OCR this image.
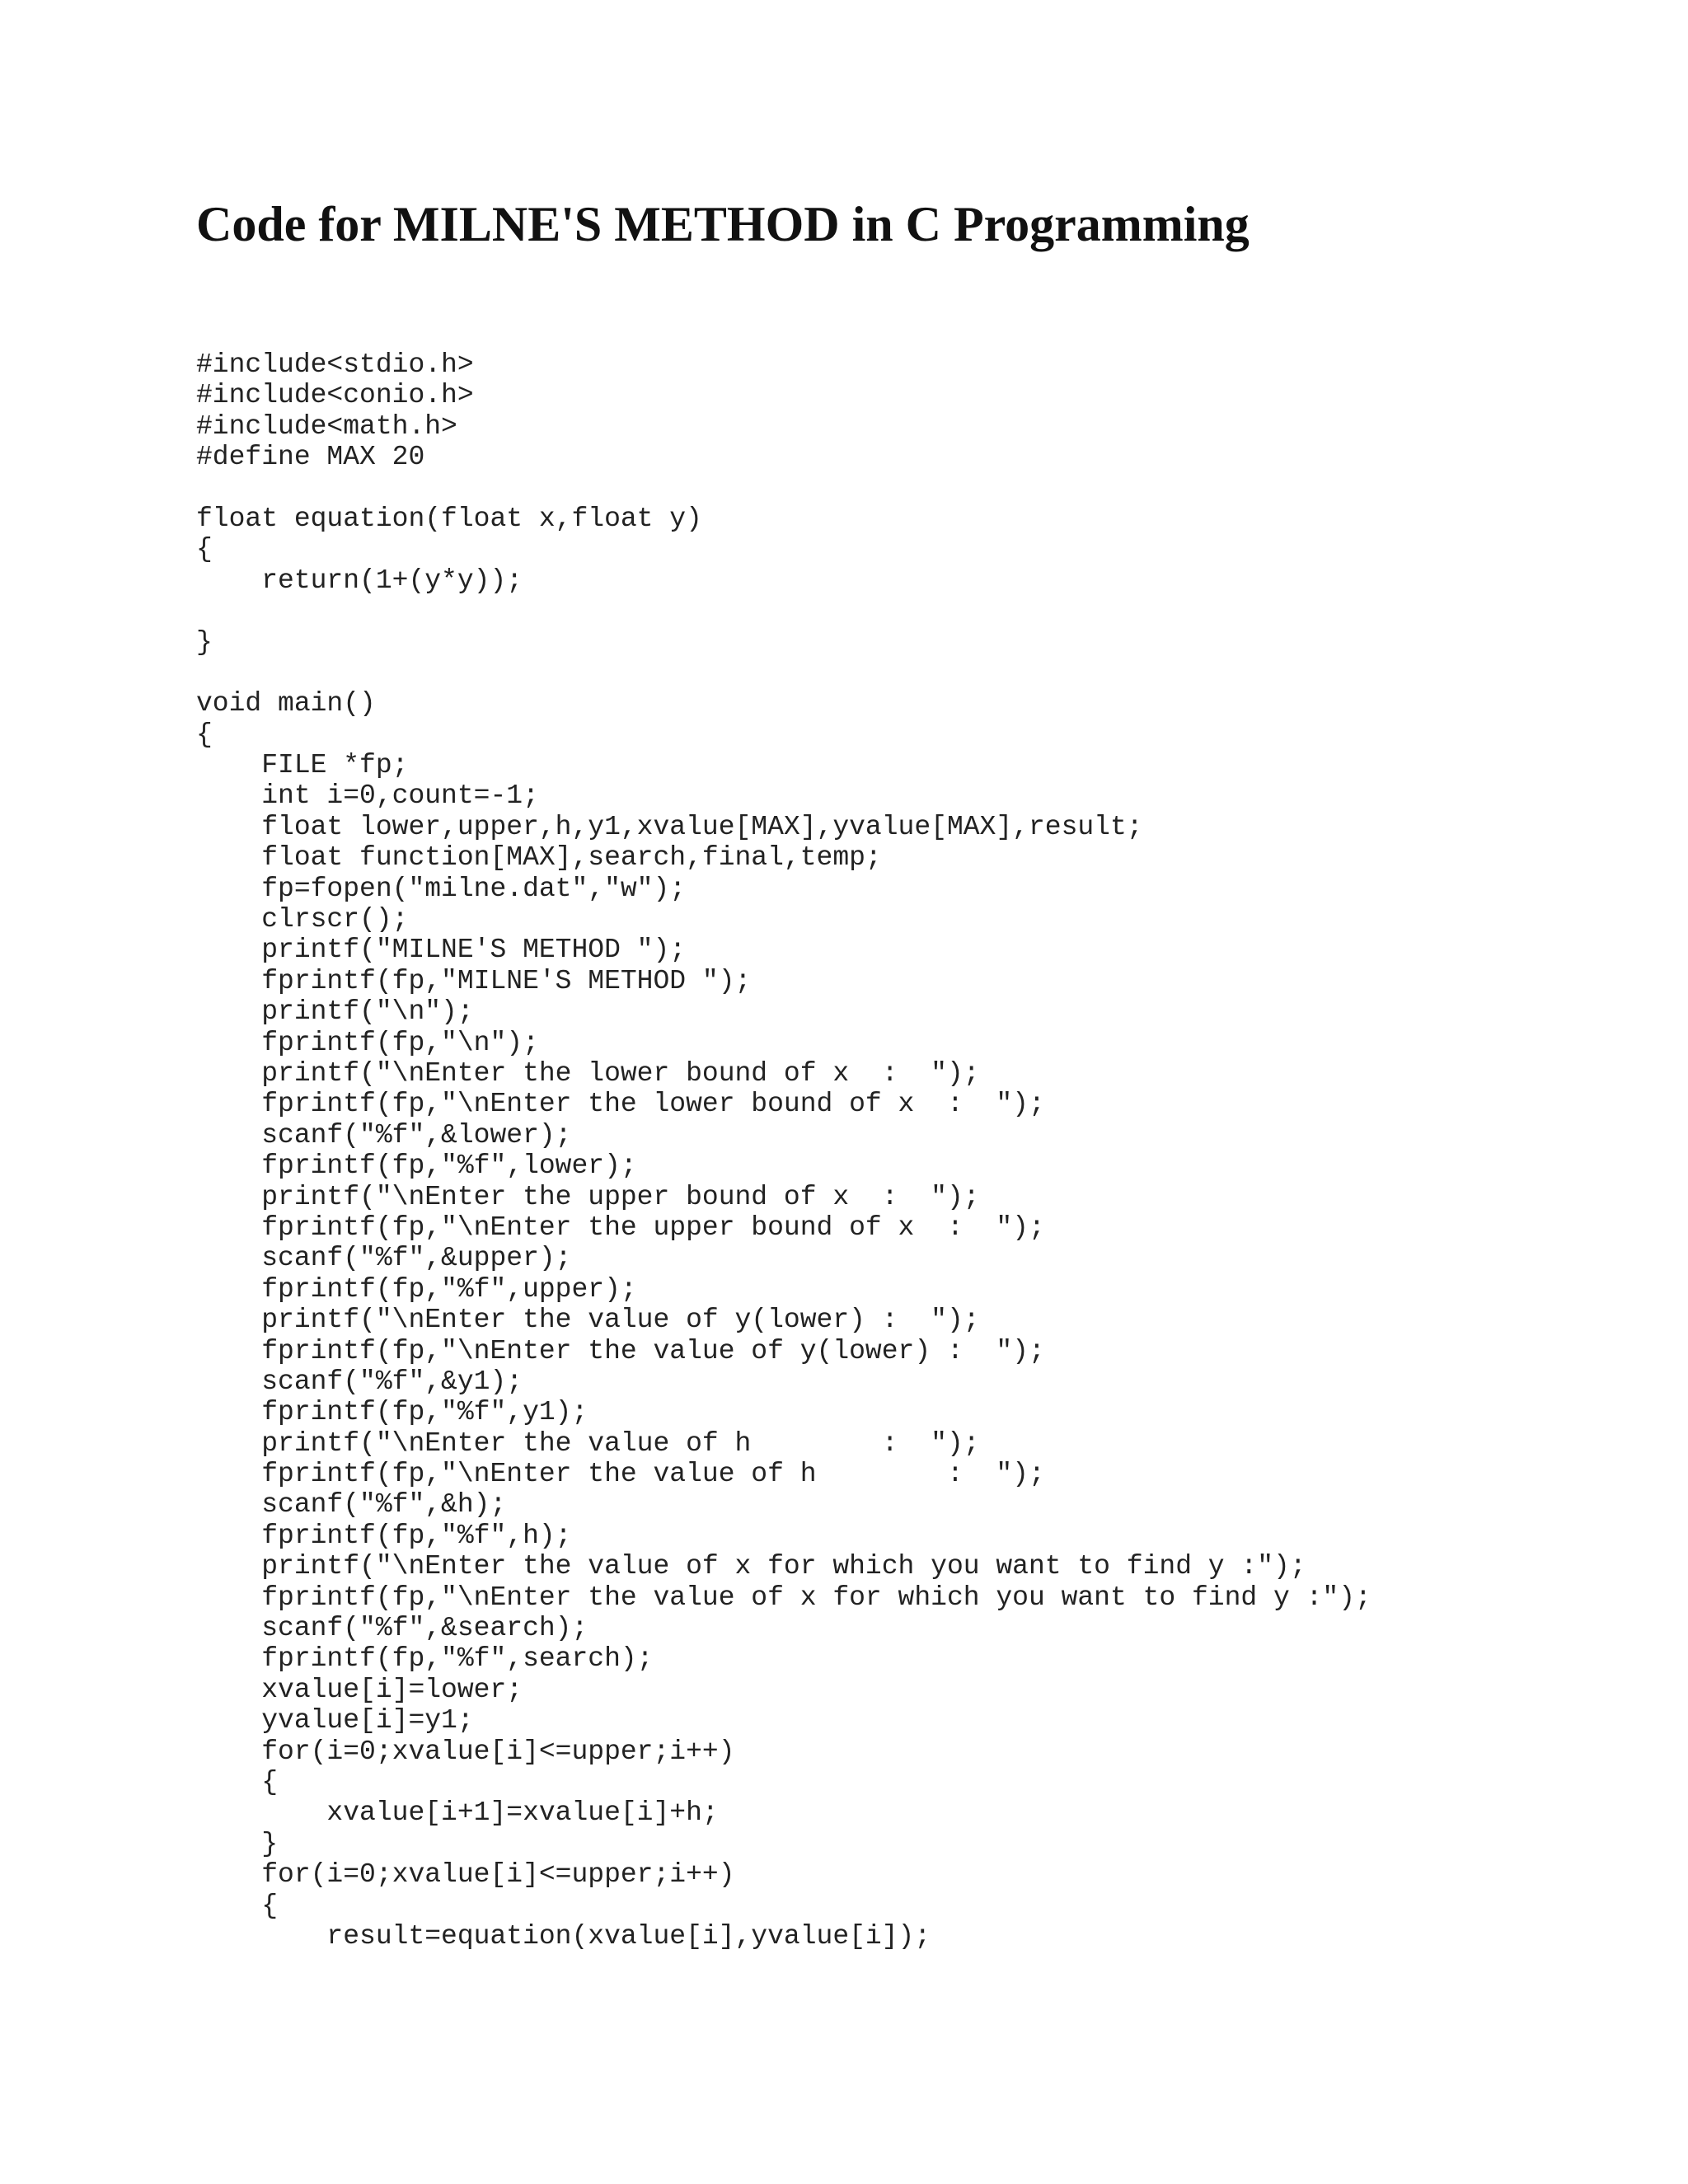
Code for MILNE'S METHOD in C Programming
#include<stdio.h>
#include<conio.h>
#include<math.h>
#define MAX 20
float equation(float x,float y)
{
return(1+(y*y));
}
void main()
{
FILE *fp;
int i=0,count=-1;
float lower,upper,h,y1,xvalue[MAX],yvalue[MAX],result;
float function[MAX],search,final,temp;
fp=fopen("milne.dat","w");
clrscr();
printf("MILNE'S METHOD ");
fprintf(fp,"MILNE'S METHOD ");
printf("\n");
fprintf(fp,"\n");
printf("\nEnter the lower bound of x  :  ");
fprintf(fp,"\nEnter the lower bound of x  :  ");
scanf("%f",&lower);
fprintf(fp,"%f",lower);
printf("\nEnter the upper bound of x  :  ");
fprintf(fp,"\nEnter the upper bound of x  :  ");
scanf("%f",&upper);
fprintf(fp,"%f",upper);
printf("\nEnter the value of y(lower) :  ");
fprintf(fp,"\nEnter the value of y(lower) :  ");
scanf("%f",&y1);
fprintf(fp,"%f",y1);
printf("\nEnter the value of h        :  ");
fprintf(fp,"\nEnter the value of h        :  ");
scanf("%f",&h);
fprintf(fp,"%f",h);
printf("\nEnter the value of x for which you want to find y :");
fprintf(fp,"\nEnter the value of x for which you want to find y :");
scanf("%f",&search);
fprintf(fp,"%f",search);
xvalue[i]=lower;
yvalue[i]=y1;
for(i=0;xvalue[i]<=upper;i++)
{
xvalue[i+1]=xvalue[i]+h;
}
for(i=0;xvalue[i]<=upper;i++)
{
result=equation(xvalue[i],yvalue[i]);
